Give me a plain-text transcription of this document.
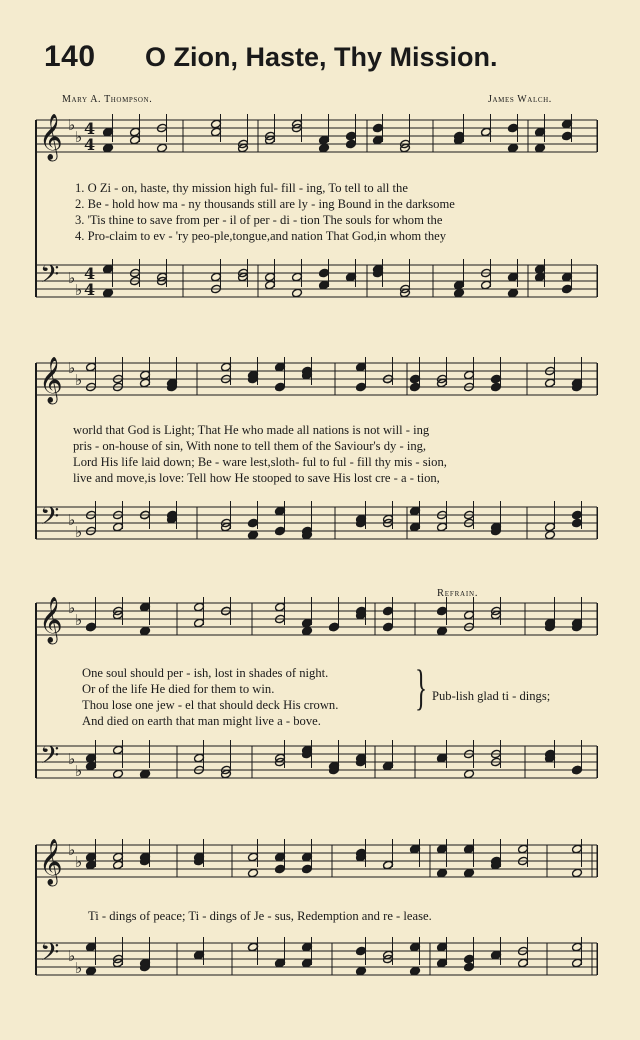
140 O Zion, Haste, Thy Mission.
Mary A. Thompson.	James Walch.
𝄞
𝄢
♭
♭
♭
♭
4
4
4
4
𝄞
𝄢
♭
♭
♭
♭
𝄞
𝄢
♭
♭
♭
♭
𝄞
𝄢
♭
♭
♭
♭
1. O Zi - on, haste, thy mission high ful- fill - ing, To tell to all the
2. Be - hold how ma - ny thousands still are ly - ing Bound in the darksome
3. 'Tis thine to save from per - il of per - di - tion The souls for whom the
4. Pro-claim to ev - 'ry peo-ple,tongue,and nation That God,in whom they
world that God is Light; That He who made all nations is not will - ing
pris - on-house of sin, With none to tell them of the Saviour's dy - ing,
Lord His life laid down; Be - ware lest,sloth- ful to ful - fill thy mis - sion,
live and move,is love: Tell how He stooped to save His lost cre - a - tion,
Refrain.
One soul should per - ish, lost in shades of night.
Or of the life He died for them to win.
Thou lose one jew - el that should deck His crown.
And died on earth that man might live a - bove.
} Pub-lish glad ti - dings;
Ti - dings of peace; Ti - dings of Je - sus, Redemption and re - lease.
